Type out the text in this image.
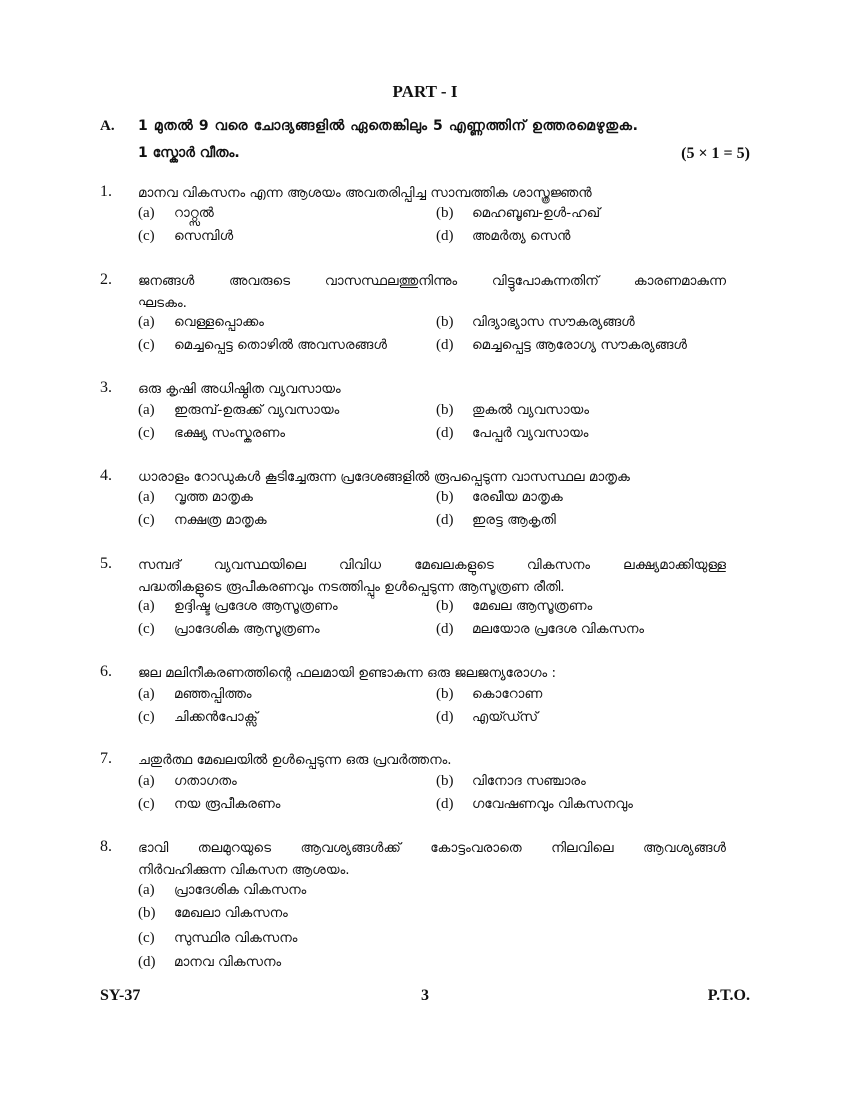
PART - I
A. 1 മുതൽ 9 വരെ ചോദ്യങ്ങളിൽ ഏതെങ്കിലും 5 എണ്ണത്തിന് ഉത്തരമെഴുതുക.
1 സ്കോർ വീതം.	(5 × 1 = 5)
1. മാനവ വികസനം എന്ന ആശയം അവതരിപ്പിച്ച സാമ്പത്തിക ശാസ്ത്രജ്ഞൻ
(a) റാറ്റ്സൽ	(b) മെഹബൂബ-ഉൾ-ഹഖ്
(c) സെമ്പിൾ	(d) അമർത്യ സെൻ
2. ജനങ്ങൾ അവരുടെ വാസസ്ഥലത്തുനിന്നും വിട്ടുപോകുന്നതിന് കാരണമാകുന്ന
ഘടകം.
(a) വെള്ളപ്പൊക്കം	(b) വിദ്യാഭ്യാസ സൗകര്യങ്ങൾ
(c) മെച്ചപ്പെട്ട തൊഴിൽ അവസരങ്ങൾ	(d) മെച്ചപ്പെട്ട ആരോഗ്യ സൗകര്യങ്ങൾ
3. ഒരു കൃഷി അധിഷ്ഠിത വ്യവസായം
(a) ഇരുമ്പ്-ഉരുക്ക് വ്യവസായം	(b) തുകൽ വ്യവസായം
(c) ഭക്ഷ്യ സംസ്കരണം	(d) പേപ്പർ വ്യവസായം
4. ധാരാളം റോഡുകൾ കൂടിച്ചേരുന്ന പ്രദേശങ്ങളിൽ രൂപപ്പെടുന്ന വാസസ്ഥല മാതൃക
(a) വൃത്ത മാതൃക	(b) രേഖീയ മാതൃക
(c) നക്ഷത്ര മാതൃക	(d) ഇരട്ട ആകൃതി
5. സമ്പദ് വ്യവസ്ഥയിലെ വിവിധ മേഖലകളുടെ വികസനം ലക്ഷ്യമാക്കിയുള്ള
പദ്ധതികളുടെ രൂപീകരണവും നടത്തിപ്പും ഉൾപ്പെടുന്ന ആസൂത്രണ രീതി.
(a) ഉദ്ദിഷ്ട പ്രദേശ ആസൂത്രണം	(b) മേഖല ആസൂത്രണം
(c) പ്രാദേശിക ആസൂത്രണം	(d) മലയോര പ്രദേശ വികസനം
6. ജല മലിനീകരണത്തിന്റെ ഫലമായി ഉണ്ടാകുന്ന ഒരു ജലജന്യരോഗം :
(a) മഞ്ഞപ്പിത്തം	(b) കൊറോണ
(c) ചിക്കൻപോക്സ്	(d) എയ്ഡ്സ്
7. ചതുർത്ഥ മേഖലയിൽ ഉൾപ്പെടുന്ന ഒരു പ്രവർത്തനം.
(a) ഗതാഗതം	(b) വിനോദ സഞ്ചാരം
(c) നയ രൂപീകരണം	(d) ഗവേഷണവും വികസനവും
8. ഭാവി തലമുറയുടെ ആവശ്യങ്ങൾക്ക് കോട്ടംവരാതെ നിലവിലെ ആവശ്യങ്ങൾ
നിർവഹിക്കുന്ന വികസന ആശയം.
(a) പ്രാദേശിക വികസനം
(b) മേഖലാ വികസനം
(c) സുസ്ഥിര വികസനം
(d) മാനവ വികസനം
SY-37	3	P.T.O.
